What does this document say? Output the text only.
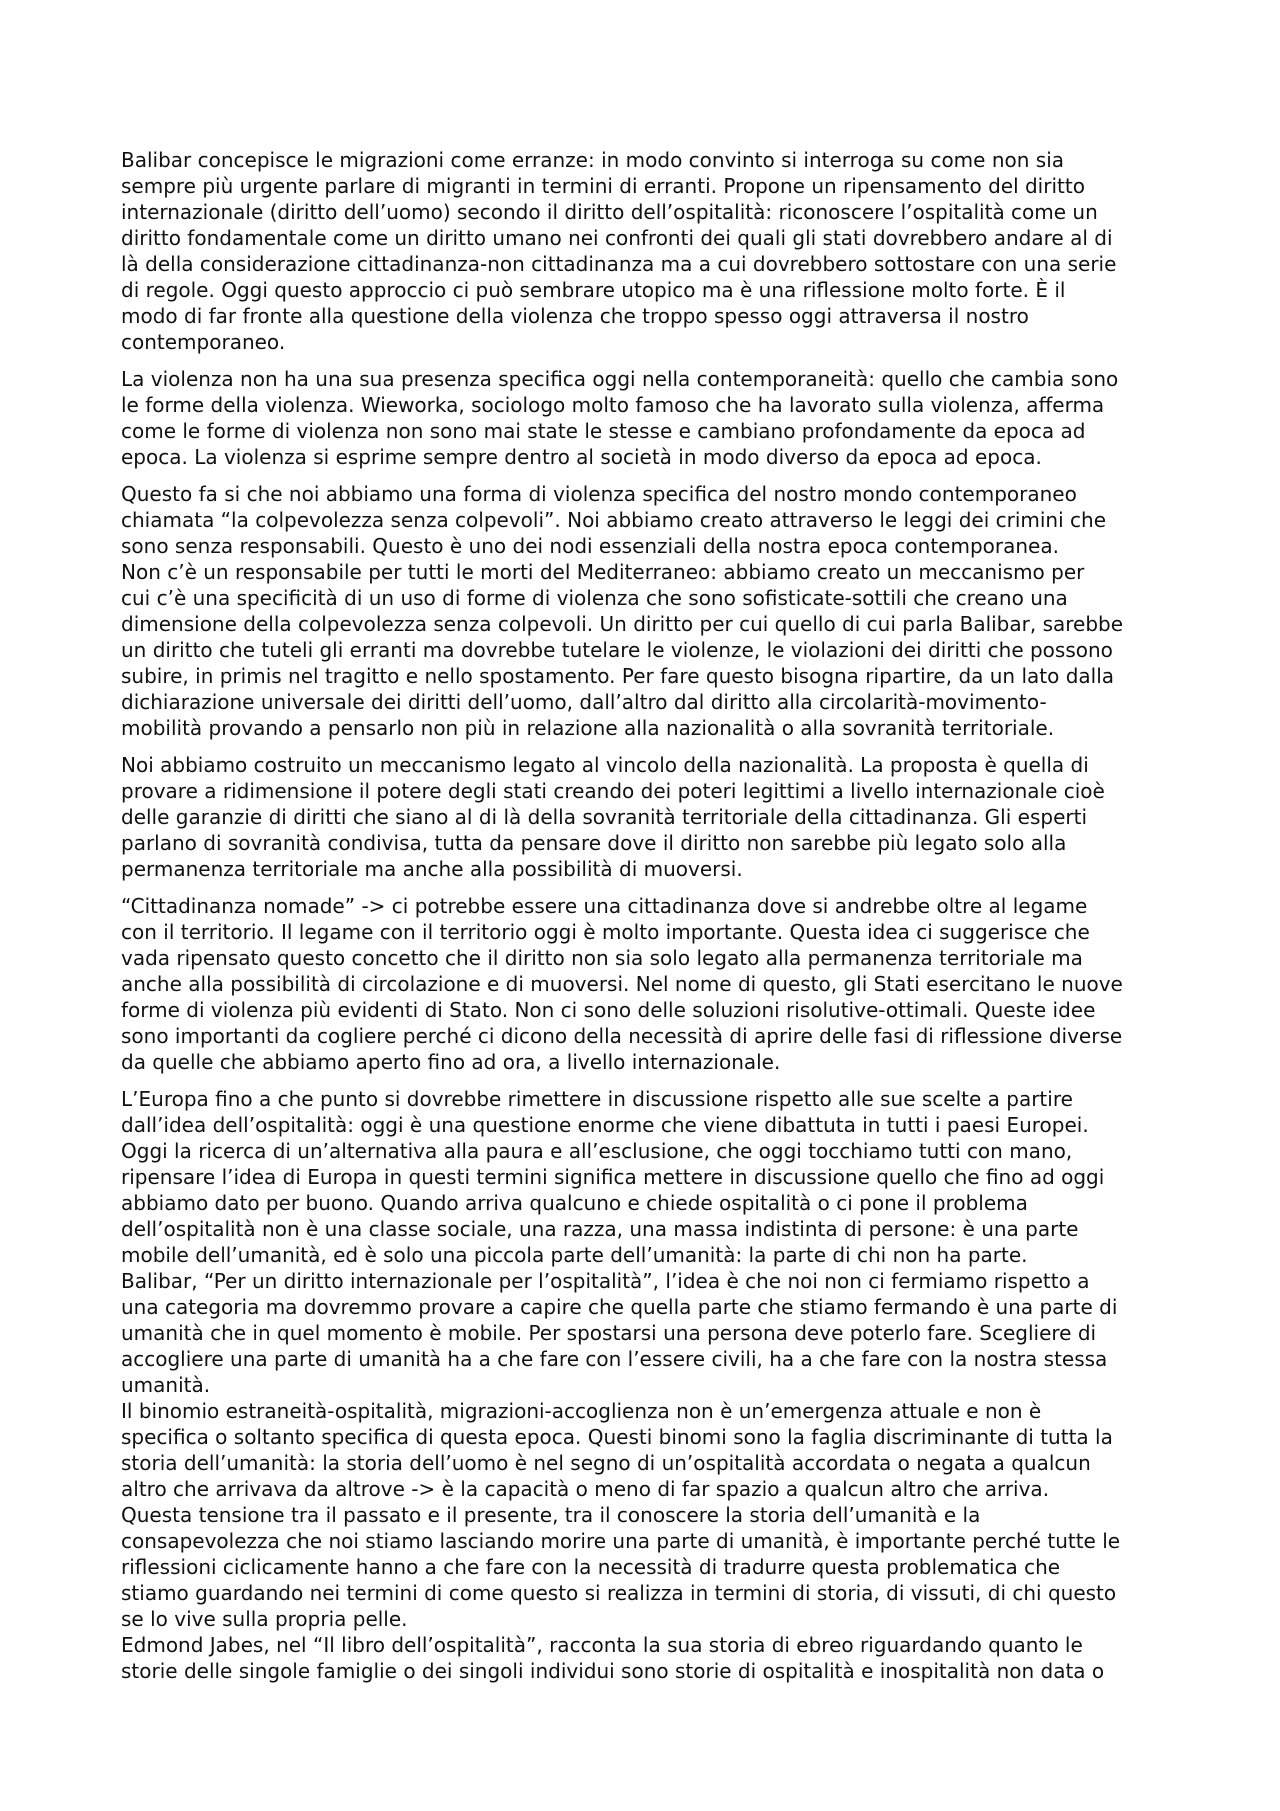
Balibar concepisce le migrazioni come erranze: in modo convinto si interroga su come non sia
sempre più urgente parlare di migranti in termini di erranti. Propone un ripensamento del diritto
internazionale (diritto dell’uomo) secondo il diritto dell’ospitalità: riconoscere l’ospitalità come un
diritto fondamentale come un diritto umano nei confronti dei quali gli stati dovrebbero andare al di
là della considerazione cittadinanza-non cittadinanza ma a cui dovrebbero sottostare con una serie
di regole. Oggi questo approccio ci può sembrare utopico ma è una riflessione molto forte. È il
modo di far fronte alla questione della violenza che troppo spesso oggi attraversa il nostro
contemporaneo.
La violenza non ha una sua presenza specifica oggi nella contemporaneità: quello che cambia sono
le forme della violenza. Wieworka, sociologo molto famoso che ha lavorato sulla violenza, afferma
come le forme di violenza non sono mai state le stesse e cambiano profondamente da epoca ad
epoca. La violenza si esprime sempre dentro al società in modo diverso da epoca ad epoca.
Questo fa si che noi abbiamo una forma di violenza specifica del nostro mondo contemporaneo
chiamata “la colpevolezza senza colpevoli”. Noi abbiamo creato attraverso le leggi dei crimini che
sono senza responsabili. Questo è uno dei nodi essenziali della nostra epoca contemporanea.
Non c’è un responsabile per tutti le morti del Mediterraneo: abbiamo creato un meccanismo per
cui c’è una specificità di un uso di forme di violenza che sono sofisticate-sottili che creano una
dimensione della colpevolezza senza colpevoli. Un diritto per cui quello di cui parla Balibar, sarebbe
un diritto che tuteli gli erranti ma dovrebbe tutelare le violenze, le violazioni dei diritti che possono
subire, in primis nel tragitto e nello spostamento. Per fare questo bisogna ripartire, da un lato dalla
dichiarazione universale dei diritti dell’uomo, dall’altro dal diritto alla circolarità-movimento-
mobilità provando a pensarlo non più in relazione alla nazionalità o alla sovranità territoriale.
Noi abbiamo costruito un meccanismo legato al vincolo della nazionalità. La proposta è quella di
provare a ridimensione il potere degli stati creando dei poteri legittimi a livello internazionale cioè
delle garanzie di diritti che siano al di là della sovranità territoriale della cittadinanza. Gli esperti
parlano di sovranità condivisa, tutta da pensare dove il diritto non sarebbe più legato solo alla
permanenza territoriale ma anche alla possibilità di muoversi.
“Cittadinanza nomade” -> ci potrebbe essere una cittadinanza dove si andrebbe oltre al legame
con il territorio. Il legame con il territorio oggi è molto importante. Questa idea ci suggerisce che
vada ripensato questo concetto che il diritto non sia solo legato alla permanenza territoriale ma
anche alla possibilità di circolazione e di muoversi. Nel nome di questo, gli Stati esercitano le nuove
forme di violenza più evidenti di Stato. Non ci sono delle soluzioni risolutive-ottimali. Queste idee
sono importanti da cogliere perché ci dicono della necessità di aprire delle fasi di riflessione diverse
da quelle che abbiamo aperto fino ad ora, a livello internazionale.
L’Europa fino a che punto si dovrebbe rimettere in discussione rispetto alle sue scelte a partire
dall’idea dell’ospitalità: oggi è una questione enorme che viene dibattuta in tutti i paesi Europei.
Oggi la ricerca di un’alternativa alla paura e all’esclusione, che oggi tocchiamo tutti con mano,
ripensare l’idea di Europa in questi termini significa mettere in discussione quello che fino ad oggi
abbiamo dato per buono. Quando arriva qualcuno e chiede ospitalità o ci pone il problema
dell’ospitalità non è una classe sociale, una razza, una massa indistinta di persone: è una parte
mobile dell’umanità, ed è solo una piccola parte dell’umanità: la parte di chi non ha parte.
Balibar, “Per un diritto internazionale per l’ospitalità”, l’idea è che noi non ci fermiamo rispetto a
una categoria ma dovremmo provare a capire che quella parte che stiamo fermando è una parte di
umanità che in quel momento è mobile. Per spostarsi una persona deve poterlo fare. Scegliere di
accogliere una parte di umanità ha a che fare con l’essere civili, ha a che fare con la nostra stessa
umanità.
Il binomio estraneità-ospitalità, migrazioni-accoglienza non è un’emergenza attuale e non è
specifica o soltanto specifica di questa epoca. Questi binomi sono la faglia discriminante di tutta la
storia dell’umanità: la storia dell’uomo è nel segno di un’ospitalità accordata o negata a qualcun
altro che arrivava da altrove -> è la capacità o meno di far spazio a qualcun altro che arriva.
Questa tensione tra il passato e il presente, tra il conoscere la storia dell’umanità e la
consapevolezza che noi stiamo lasciando morire una parte di umanità, è importante perché tutte le
riflessioni ciclicamente hanno a che fare con la necessità di tradurre questa problematica che
stiamo guardando nei termini di come questo si realizza in termini di storia, di vissuti, di chi questo
se lo vive sulla propria pelle.
Edmond Jabes, nel “Il libro dell’ospitalità”, racconta la sua storia di ebreo riguardando quanto le
storie delle singole famiglie o dei singoli individui sono storie di ospitalità e inospitalità non data o
